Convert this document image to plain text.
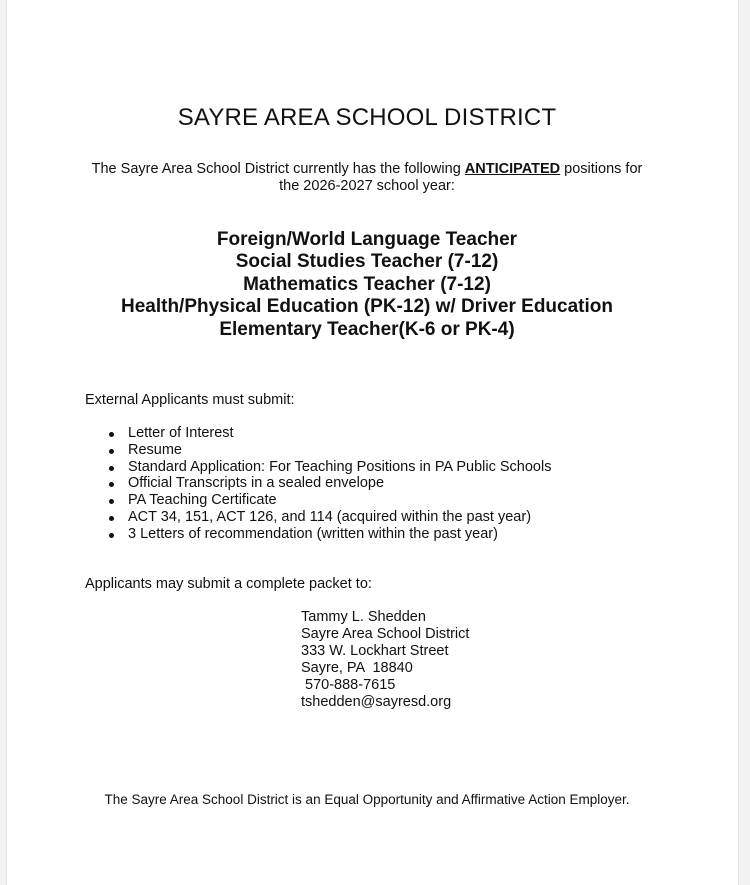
SAYRE AREA SCHOOL DISTRICT
The Sayre Area School District currently has the following ANTICIPATED positions for
the 2026-2027 school year:
Foreign/World Language Teacher
Social Studies Teacher (7-12)
Mathematics Teacher (7-12)
Health/Physical Education (PK-12) w/ Driver Education
Elementary Teacher(K-6 or PK-4)
External Applicants must submit:
Letter of Interest
Resume
Standard Application: For Teaching Positions in PA Public Schools
Official Transcripts in a sealed envelope
PA Teaching Certificate
ACT 34, 151, ACT 126, and 114 (acquired within the past year)
3 Letters of recommendation (written within the past year)
Applicants may submit a complete packet to:
Tammy L. Shedden
Sayre Area School District
333 W. Lockhart Street
Sayre, PA  18840
570-888-7615
tshedden@sayresd.org
The Sayre Area School District is an Equal Opportunity and Affirmative Action Employer.
